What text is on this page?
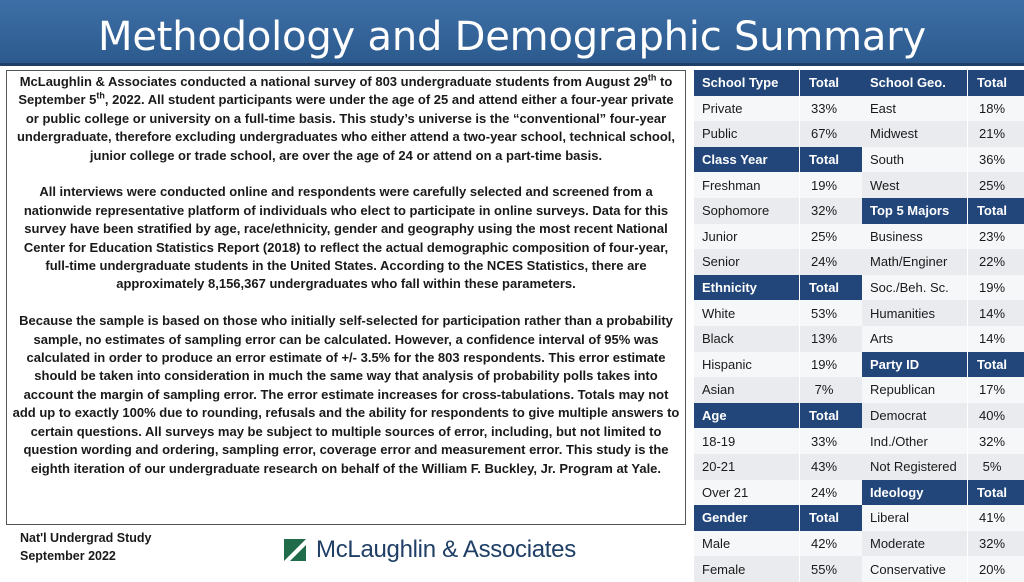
Methodology and Demographic Summary

McLaughlin & Associates conducted a national survey of 803 undergraduate students from August 29th to September 5th, 2022. All student participants were under the age of 25 and attend either a four-year private or public college or university on a full-time basis. This study’s universe is the “conventional” four-year undergraduate, therefore excluding undergraduates who either attend a two-year school, technical school, junior college or trade school, are over the age of 24 or attend on a part-time basis.

All interviews were conducted online and respondents were carefully selected and screened from a nationwide representative platform of individuals who elect to participate in online surveys. Data for this survey have been stratified by age, race/ethnicity, gender and geography using the most recent National Center for Education Statistics Report (2018) to reflect the actual demographic composition of four-year, full-time undergraduate students in the United States. According to the NCES Statistics, there are approximately 8,156,367 undergraduates who fall within these parameters.

Because the sample is based on those who initially self-selected for participation rather than a probability sample, no estimates of sampling error can be calculated. However, a confidence interval of 95% was calculated in order to produce an error estimate of +/- 3.5% for the 803 respondents. This error estimate should be taken into consideration in much the same way that analysis of probability polls takes into account the margin of sampling error. The error estimate increases for cross-tabulations. Totals may not add up to exactly 100% due to rounding, refusals and the ability for respondents to give multiple answers to certain questions. All surveys may be subject to multiple sources of error, including, but not limited to question wording and ordering, sampling error, coverage error and measurement error. This study is the eighth iteration of our undergraduate research on behalf of the William F. Buckley, Jr. Program at Yale.

Nat'l Undergrad Study
September 2022	McLaughlin & Associates
School Type	Total
Private	33%
Public	67%
Class Year	Total
Freshman	19%
Sophomore	32%
Junior	25%
Senior	24%
Ethnicity	Total
White	53%
Black	13%
Hispanic	19%
Asian	7%
Age	Total
18-19	33%
20-21	43%
Over 21	24%
Gender	Total
Male	42%
Female	55%
School Geo.	Total
East	18%
Midwest	21%
South	36%
West	25%
Top 5 Majors	Total
Business	23%
Math/Enginer	22%
Soc./Beh. Sc.	19%
Humanities	14%
Arts	14%
Party ID	Total
Republican	17%
Democrat	40%
Ind./Other	32%
Not Registered	5%
Ideology	Total
Liberal	41%
Moderate	32%
Conservative	20%
